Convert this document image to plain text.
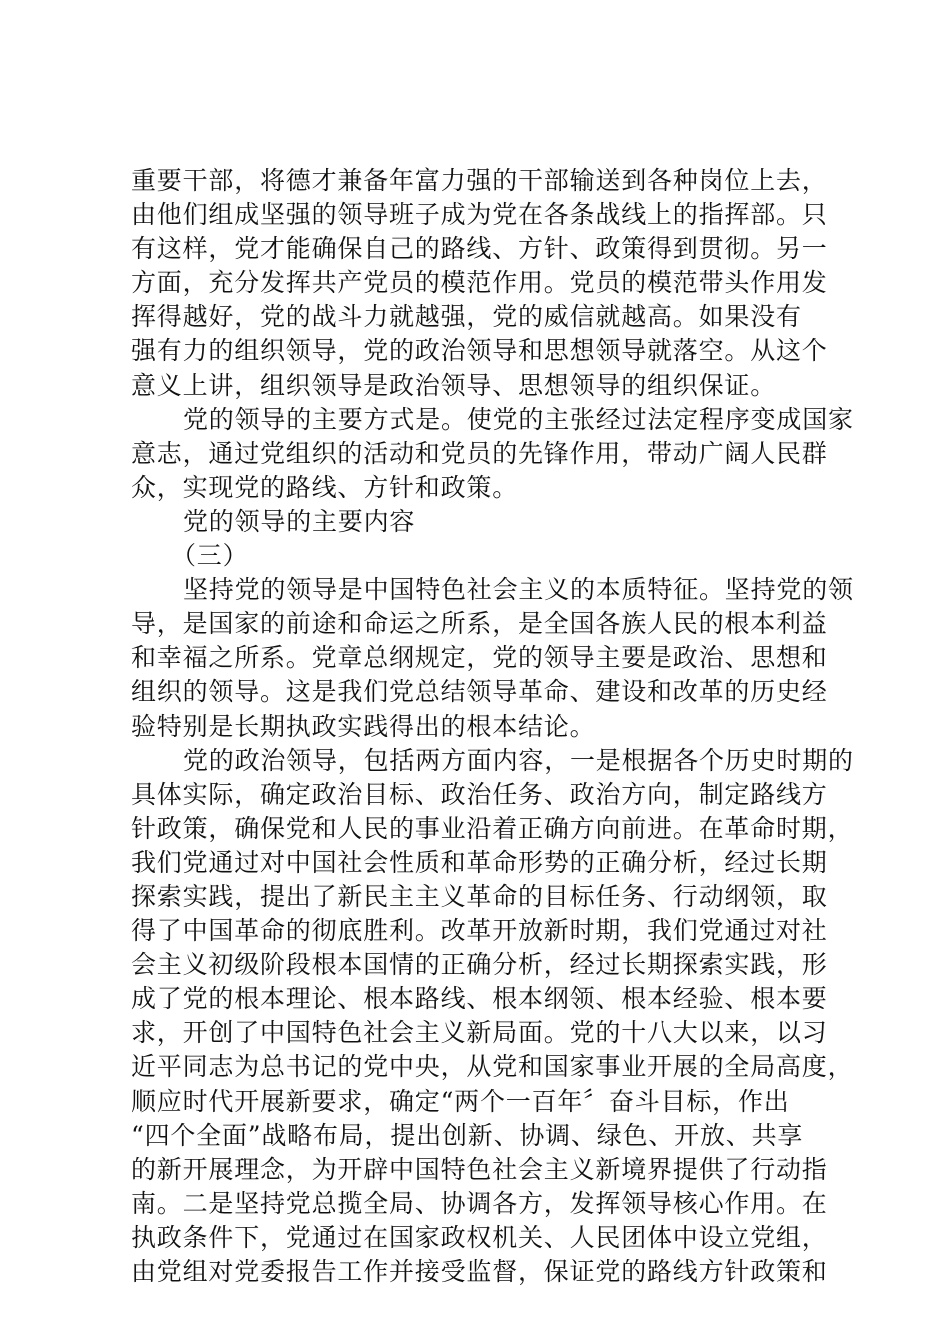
重要干部，将德才兼备年富力强的干部输送到各种岗位上去，
由他们组成坚强的领导班子成为党在各条战线上的指挥部。只
有这样，党才能确保自己的路线、方针、政策得到贯彻。另一
方面，充分发挥共产党员的模范作用。党员的模范带头作用发
挥得越好，党的战斗力就越强，党的威信就越高。如果没有
强有力的组织领导，党的政治领导和思想领导就落空。从这个
意义上讲，组织领导是政治领导、思想领导的组织保证。
党的领导的主要方式是。使党的主张经过法定程序变成国家
意志，通过党组织的活动和党员的先锋作用，带动广阔人民群
众，实现党的路线、方针和政策。
党的领导的主要内容
（三）
坚持党的领导是中国特色社会主义的本质特征。坚持党的领
导，是国家的前途和命运之所系，是全国各族人民的根本利益
和幸福之所系。党章总纲规定，党的领导主要是政治、思想和
组织的领导。这是我们党总结领导革命、建设和改革的历史经
验特别是长期执政实践得出的根本结论。
党的政治领导，包括两方面内容，一是根据各个历史时期的
具体实际，确定政治目标、政治任务、政治方向，制定路线方
针政策，确保党和人民的事业沿着正确方向前进。在革命时期，
我们党通过对中国社会性质和革命形势的正确分析，经过长期
探索实践，提出了新民主主义革命的目标任务、行动纲领，取
得了中国革命的彻底胜利。改革开放新时期，我们党通过对社
会主义初级阶段根本国情的正确分析，经过长期探索实践，形
成了党的根本理论、根本路线、根本纲领、根本经验、根本要
求，开创了中国特色社会主义新局面。党的十八大以来，以习
近平同志为总书记的党中央，从党和国家事业开展的全局高度，
顺应时代开展新要求，确定“两个一百年〞奋斗目标，作出
“四个全面”战略布局，提出创新、协调、绿色、开放、共享
的新开展理念，为开辟中国特色社会主义新境界提供了行动指
南。二是坚持党总揽全局、协调各方，发挥领导核心作用。在
执政条件下，党通过在国家政权机关、人民团体中设立党组，
由党组对党委报告工作并接受监督，保证党的路线方针政策和
